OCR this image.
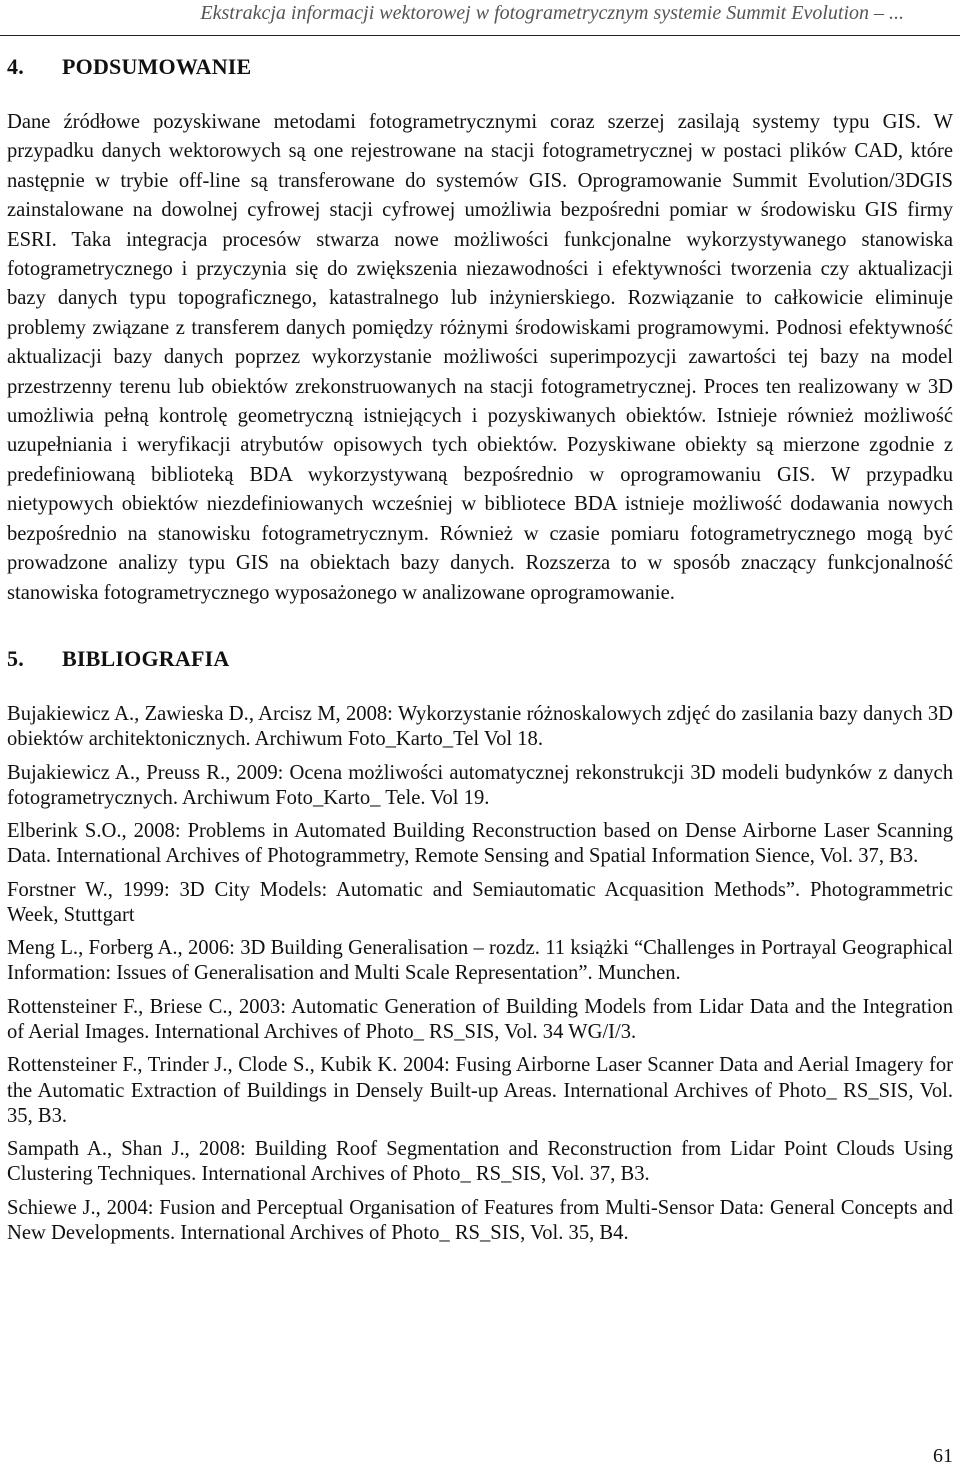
Ekstrakcja informacji wektorowej w fotogrametrycznym systemie Summit Evolution – ...
4. PODSUMOWANIE

Dane źródłowe pozyskiwane metodami fotogrametrycznymi coraz szerzej zasilają systemy typu GIS. W przypadku danych wektorowych są one rejestrowane na stacji fotogrametrycznej w postaci plików CAD, które następnie w trybie off-line są transferowane do systemów GIS. Oprogramowanie Summit Evolution/3DGIS zainstalowane na dowolnej cyfrowej stacji cyfrowej umożliwia bezpośredni pomiar w środowisku GIS firmy ESRI. Taka integracja procesów stwarza nowe możliwości funkcjonalne wykorzystywanego stanowiska fotogrametrycznego i przyczynia się do zwiększenia niezawodności i efektywności tworzenia czy aktualizacji bazy danych typu topograficznego, katastralnego lub inżynierskiego. Rozwiązanie to całkowicie eliminuje problemy związane z transferem danych pomiędzy różnymi środowiskami programowymi. Podnosi efektywność aktualizacji bazy danych poprzez wykorzystanie możliwości superimpozycji zawartości tej bazy na model przestrzenny terenu lub obiektów zrekonstruowanych na stacji fotogrametrycznej. Proces ten realizowany w 3D umożliwia pełną kontrolę geometryczną istniejących i pozyskiwanych obiektów. Istnieje również możliwość uzupełniania i weryfikacji atrybutów opisowych tych obiektów. Pozyskiwane obiekty są mierzone zgodnie z predefiniowaną biblioteką BDA wykorzystywaną bezpośrednio w oprogramowaniu GIS. W przypadku nietypowych obiektów niezdefiniowanych wcześniej w bibliotece BDA istnieje możliwość dodawania nowych bezpośrednio na stanowisku fotogrametrycznym. Również w czasie pomiaru fotogrametrycznego mogą być prowadzone analizy typu GIS na obiektach bazy danych. Rozszerza to w sposób znaczący funkcjonalność stanowiska fotogrametrycznego wyposażonego w analizowane oprogramowanie.

5. BIBLIOGRAFIA

Bujakiewicz A., Zawieska D., Arcisz M, 2008: Wykorzystanie różnoskalowych zdjęć do zasilania bazy danych 3D obiektów architektonicznych. Archiwum Foto_Karto_Tel Vol 18.

Bujakiewicz A., Preuss R., 2009: Ocena możliwości automatycznej rekonstrukcji 3D modeli budynków z danych fotogrametrycznych. Archiwum Foto_Karto_ Tele. Vol 19.

Elberink S.O., 2008: Problems in Automated Building Reconstruction based on Dense Airborne Laser Scanning Data. International Archives of Photogrammetry, Remote Sensing and Spatial Information Sience, Vol. 37, B3.

Forstner W., 1999: 3D City Models: Automatic and Semiautomatic Acquasition Methods”. Photogrammetric Week, Stuttgart

Meng L., Forberg A., 2006: 3D Building Generalisation – rozdz. 11 książki “Challenges in Portrayal Geographical Information: Issues of Generalisation and Multi Scale Representation”. Munchen.

Rottensteiner F., Briese C., 2003: Automatic Generation of Building Models from Lidar Data and the Integration of Aerial Images. International Archives of Photo_ RS_SIS, Vol. 34 WG/I/3.

Rottensteiner F., Trinder J., Clode S., Kubik K. 2004: Fusing Airborne Laser Scanner Data and Aerial Imagery for the Automatic Extraction of Buildings in Densely Built-up Areas. International Archives of Photo_ RS_SIS, Vol. 35, B3.

Sampath A., Shan J., 2008: Building Roof Segmentation and Reconstruction from Lidar Point Clouds Using Clustering Techniques. International Archives of Photo_ RS_SIS, Vol. 37, B3.

Schiewe J., 2004: Fusion and Perceptual Organisation of Features from Multi-Sensor Data: General Concepts and New Developments. International Archives of Photo_ RS_SIS, Vol. 35, B4.

61
